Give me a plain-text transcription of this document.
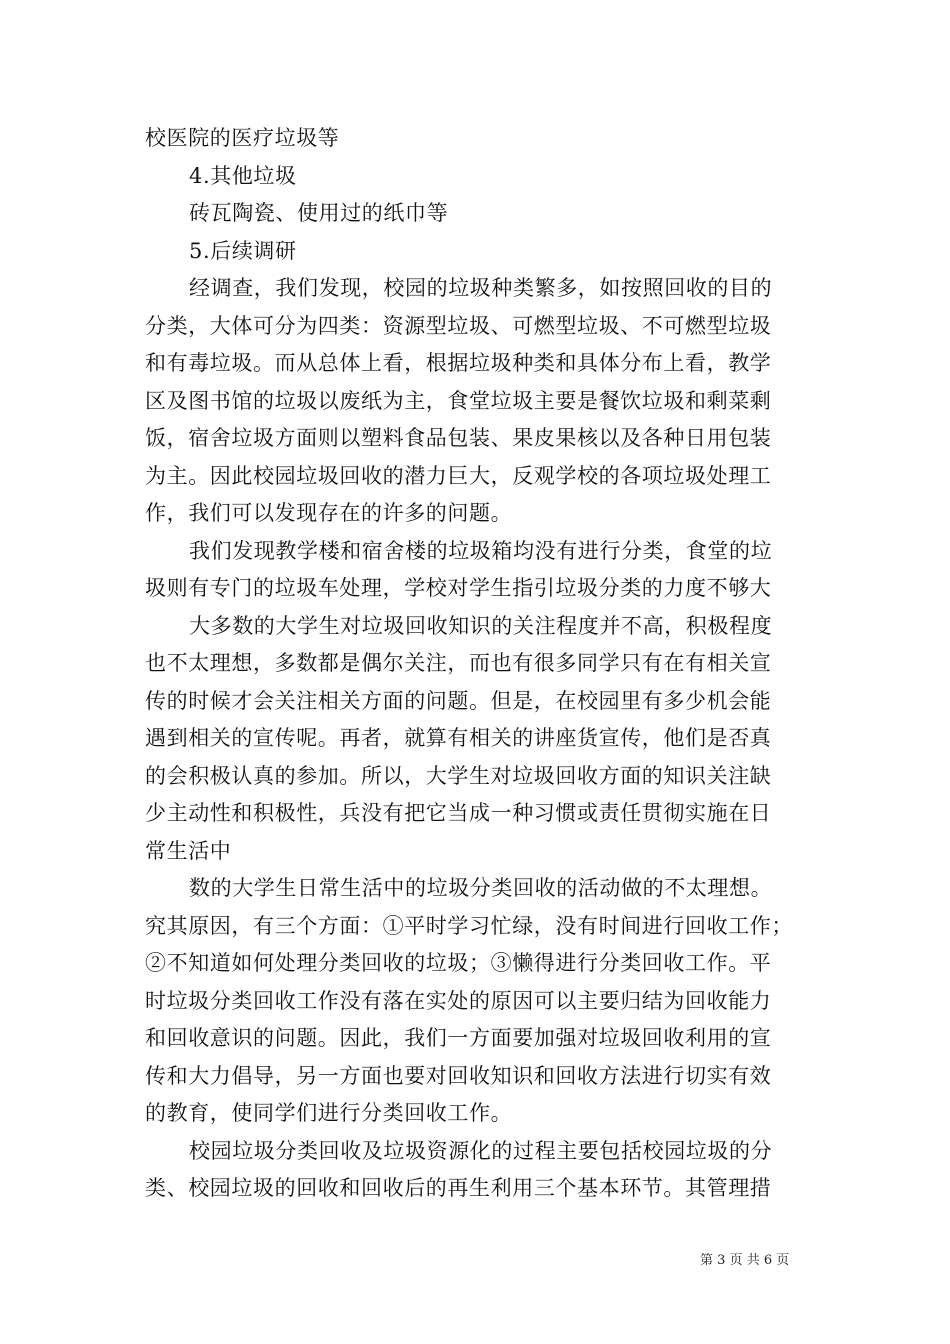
校医院的医疗垃圾等
4.其他垃圾
砖瓦陶瓷、使用过的纸巾等
5.后续调研
经调查，我们发现，校园的垃圾种类繁多，如按照回收的目的
分类，大体可分为四类：资源型垃圾、可燃型垃圾、不可燃型垃圾
和有毒垃圾。而从总体上看，根据垃圾种类和具体分布上看，教学
区及图书馆的垃圾以废纸为主，食堂垃圾主要是餐饮垃圾和剩菜剩
饭，宿舍垃圾方面则以塑料食品包装、果皮果核以及各种日用包装
为主。因此校园垃圾回收的潜力巨大，反观学校的各项垃圾处理工
作，我们可以发现存在的许多的问题。
我们发现教学楼和宿舍楼的垃圾箱均没有进行分类，食堂的垃
圾则有专门的垃圾车处理，学校对学生指引垃圾分类的力度不够大
大多数的大学生对垃圾回收知识的关注程度并不高，积极程度
也不太理想，多数都是偶尔关注，而也有很多同学只有在有相关宣
传的时候才会关注相关方面的问题。但是，在校园里有多少机会能
遇到相关的宣传呢。再者，就算有相关的讲座货宣传，他们是否真
的会积极认真的参加。所以，大学生对垃圾回收方面的知识关注缺
少主动性和积极性，兵没有把它当成一种习惯或责任贯彻实施在日
常生活中
数的大学生日常生活中的垃圾分类回收的活动做的不太理想。
究其原因，有三个方面：①平时学习忙绿，没有时间进行回收工作；
②不知道如何处理分类回收的垃圾；③懒得进行分类回收工作。平
时垃圾分类回收工作没有落在实处的原因可以主要归结为回收能力
和回收意识的问题。因此，我们一方面要加强对垃圾回收利用的宣
传和大力倡导，另一方面也要对回收知识和回收方法进行切实有效
的教育，使同学们进行分类回收工作。
校园垃圾分类回收及垃圾资源化的过程主要包括校园垃圾的分
类、校园垃圾的回收和回收后的再生利用三个基本环节。其管理措
第 3 页 共 6 页
